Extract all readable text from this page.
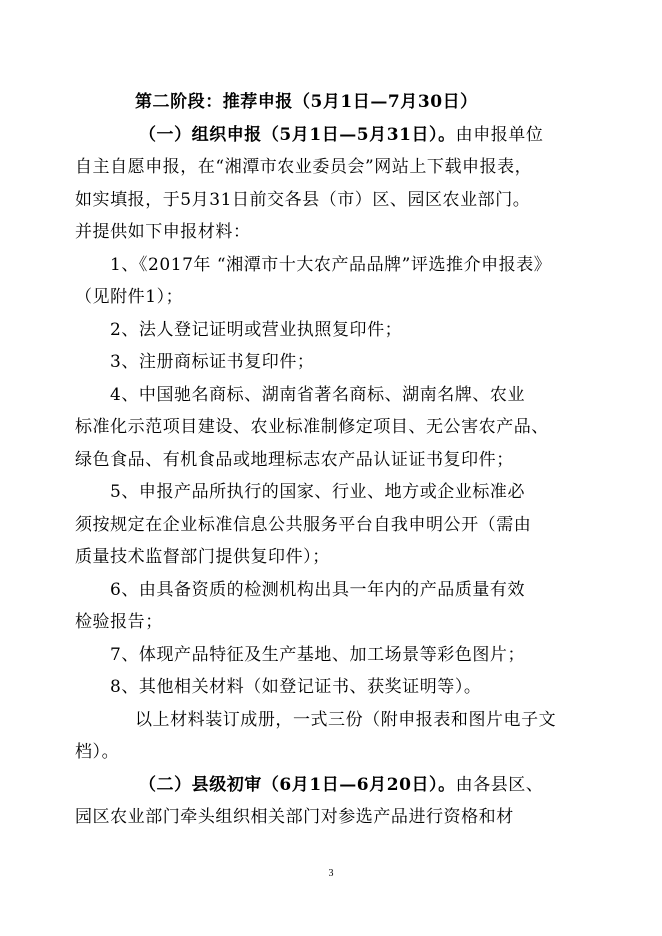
第二阶段：推荐申报（5月1日—7月30日）
（一）组织申报（5月1日—5月31日）。由申报单位
自主自愿申报，在“湘潭市农业委员会”网站上下载申报表，
如实填报，于5月31日前交各县（市）区、园区农业部门。
并提供如下申报材料：
1、《2017年 “湘潭市十大农产品品牌”评选推介申报表》
（见附件1）；
2、法人登记证明或营业执照复印件；
3、注册商标证书复印件；
4、中国驰名商标、湖南省著名商标、湖南名牌、农业
标准化示范项目建设、农业标准制修定项目、无公害农产品、
绿色食品、有机食品或地理标志农产品认证证书复印件；
5、申报产品所执行的国家、行业、地方或企业标准必
须按规定在企业标准信息公共服务平台自我申明公开（需由
质量技术监督部门提供复印件）；
6、由具备资质的检测机构出具一年内的产品质量有效
检验报告；
7、体现产品特征及生产基地、加工场景等彩色图片；
8、其他相关材料（如登记证书、获奖证明等）。
以上材料装订成册，一式三份（附申报表和图片电子文
档）。
（二）县级初审（6月1日—6月20日）。由各县区、
园区农业部门牵头组织相关部门对参选产品进行资格和材
3
